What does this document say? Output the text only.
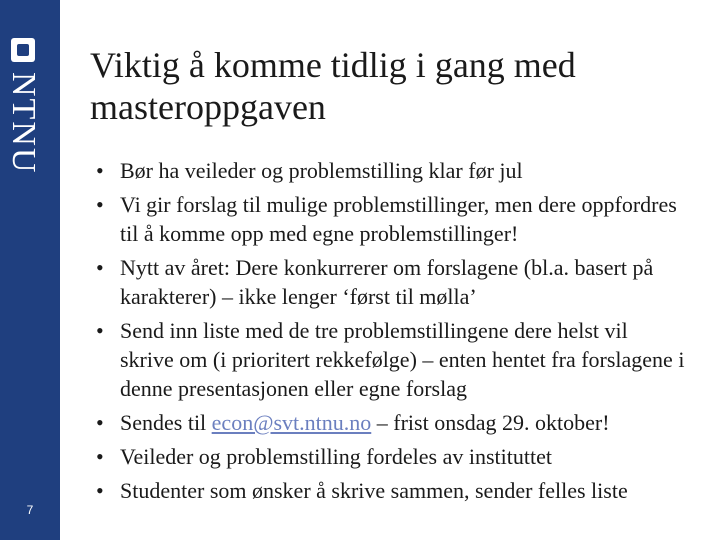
NTNU
7
Viktig å komme tidlig i gang med masteroppgaven
• Bør ha veileder og problemstilling klar før jul
• Vi gir forslag til mulige problemstillinger, men dere oppfordres til å komme opp med egne problemstillinger!
• Nytt av året: Dere konkurrerer om forslagene (bl.a. basert på karakterer) – ikke lenger ‘først til mølla’
• Send inn liste med de tre problemstillingene dere helst vil skrive om (i prioritert rekkefølge) – enten hentet fra forslagene i denne presentasjonen eller egne forslag
• Sendes til econ@svt.ntnu.no – frist onsdag 29. oktober!
• Veileder og problemstilling fordeles av instituttet
• Studenter som ønsker å skrive sammen, sender felles liste
